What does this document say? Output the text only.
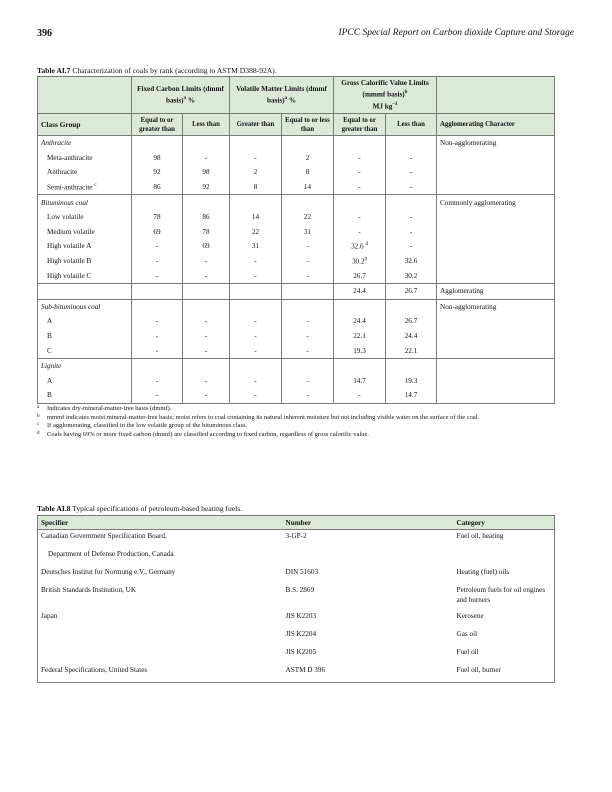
396	IPCC Special Report on Carbon dioxide Capture and Storage
Table AI.7 Characterization of coals by rank (according to ASTM D388-92A).
	Fixed Carbon Limits (dmmf basis)$^a$ %		Volatile Matter Limits (dmmf basis)$^a$ %		Gross Calorific Value Limits (mmmf basis)$^b$
MJ $kg^{-1}$	
Class Group	Equal to or greater than	Less than	Greater than	Equal to or less than	Equal to or greater than	Less than	Agglomerating Character
Anthracite							Non-agglomerating
Meta-anthracite	98	-	-	2	-	-	
Anthracite	92	98	2	8	-	-	
Semi-anthracite $^c$	86	92	8	14	-	-	
Bituminous coal							Commonly agglomerating
Low volatile	78	86	14	22	-	-	
Medium volatile	69	78	22	31	-	-	
High volatile A	-	69	31	-	32.6 $^d$	-	
High volatile B	-	-	-	-	30.2$^d$	32.6	
High volatile C	-	-	-	-	26.7	30.2	
					24.4	26.7	Agglomerating
Sub-bituminous coal							Non-agglomerating
A	-	-	-	-	24.4	26.7	
B	-	-	-	-	22.1	24.4	
C	-	-	-	-	19.3	22.1	
Lignite							
A	-	-	-	-	14.7	19.3	
B	-	-	-	-	-	14.7	
a Indicates dry-mineral-matter-free basis (dmmf).
b mmmf indicates moist mineral-matter-free basis; moist refers to coal containing its natural inherent moisture but not including visible water on the surface of the coal.
c If agglomerating, classified in the low volatile group of the bituminous class.
d Coals having 69% or more fixed carbon (dmmf) are classified according to fixed carbon, regardless of gross calorific value.
Table AI.8 Typical specifications of petroleum-based heating fuels.
Specifier	Number	Category
Canadian Government Specification Board,	3-GP-2	Fuel oil, heating
Department of Defense Production, Canada		
Deutsches Institut fur Normung e.V., Germany	DIN 51603	Heating (fuel) oils
British Standards Institution, UK	B.S. 2869	Petroleum fuels for oil engines and burners
Japan	JIS K2203	Kerosene
	JIS K2204	Gas oil
	JIS K2205	Fuel oil
Federal Specifications, United States	ASTM D 396	Fuel oil, burner
